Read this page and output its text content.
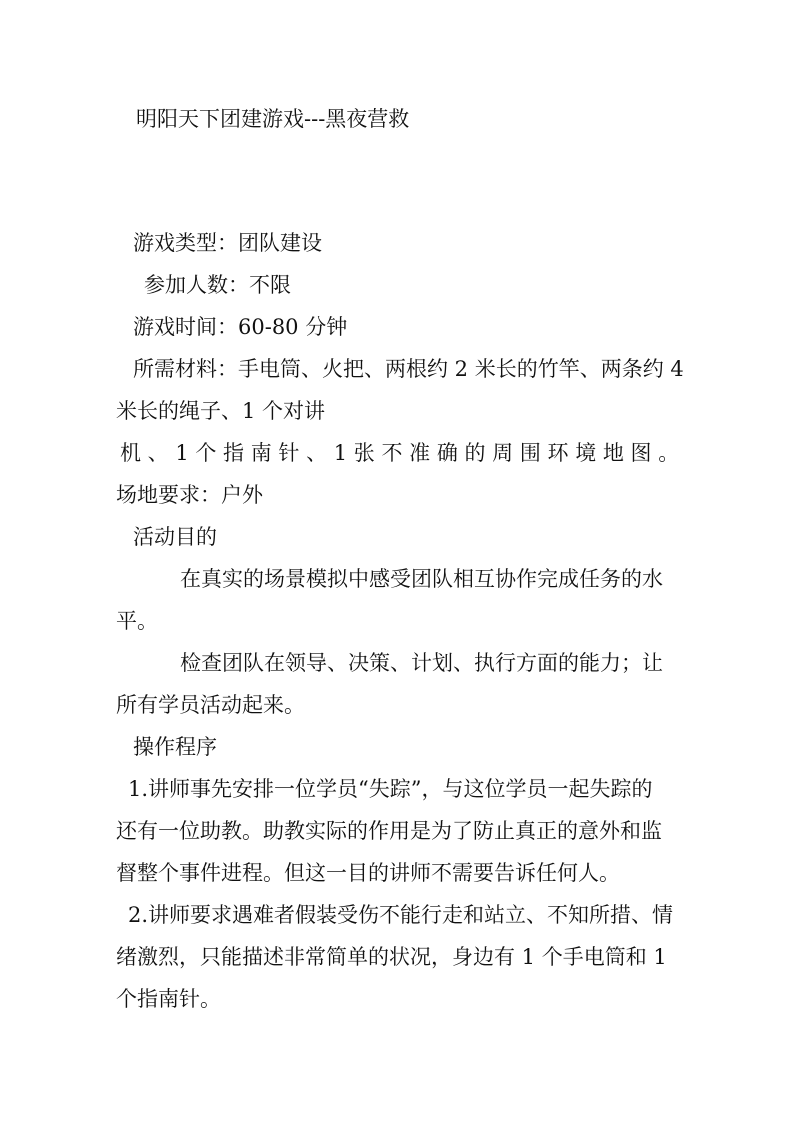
明阳天下团建游戏---黑夜营救
游戏类型：团队建设
参加人数：不限
游戏时间：60-80 分钟
所需材料：手电筒、火把、两根约 2 米长的竹竿、两条约 4
米长的绳子、1 个对讲
机 、 1 个 指 南 针 、 1 张 不 准 确 的 周 围 环 境 地 图 。
场地要求：户外
活动目的
在真实的场景模拟中感受团队相互协作完成任务的水
平。
检查团队在领导、决策、计划、执行方面的能力；让
所有学员活动起来。
操作程序
1.讲师事先安排一位学员“失踪”，与这位学员一起失踪的
还有一位助教。助教实际的作用是为了防止真正的意外和监
督整个事件进程。但这一目的讲师不需要告诉任何人。
2.讲师要求遇难者假装受伤不能行走和站立、不知所措、情
绪激烈，只能描述非常简单的状况，身边有 1 个手电筒和 1
个指南针。
